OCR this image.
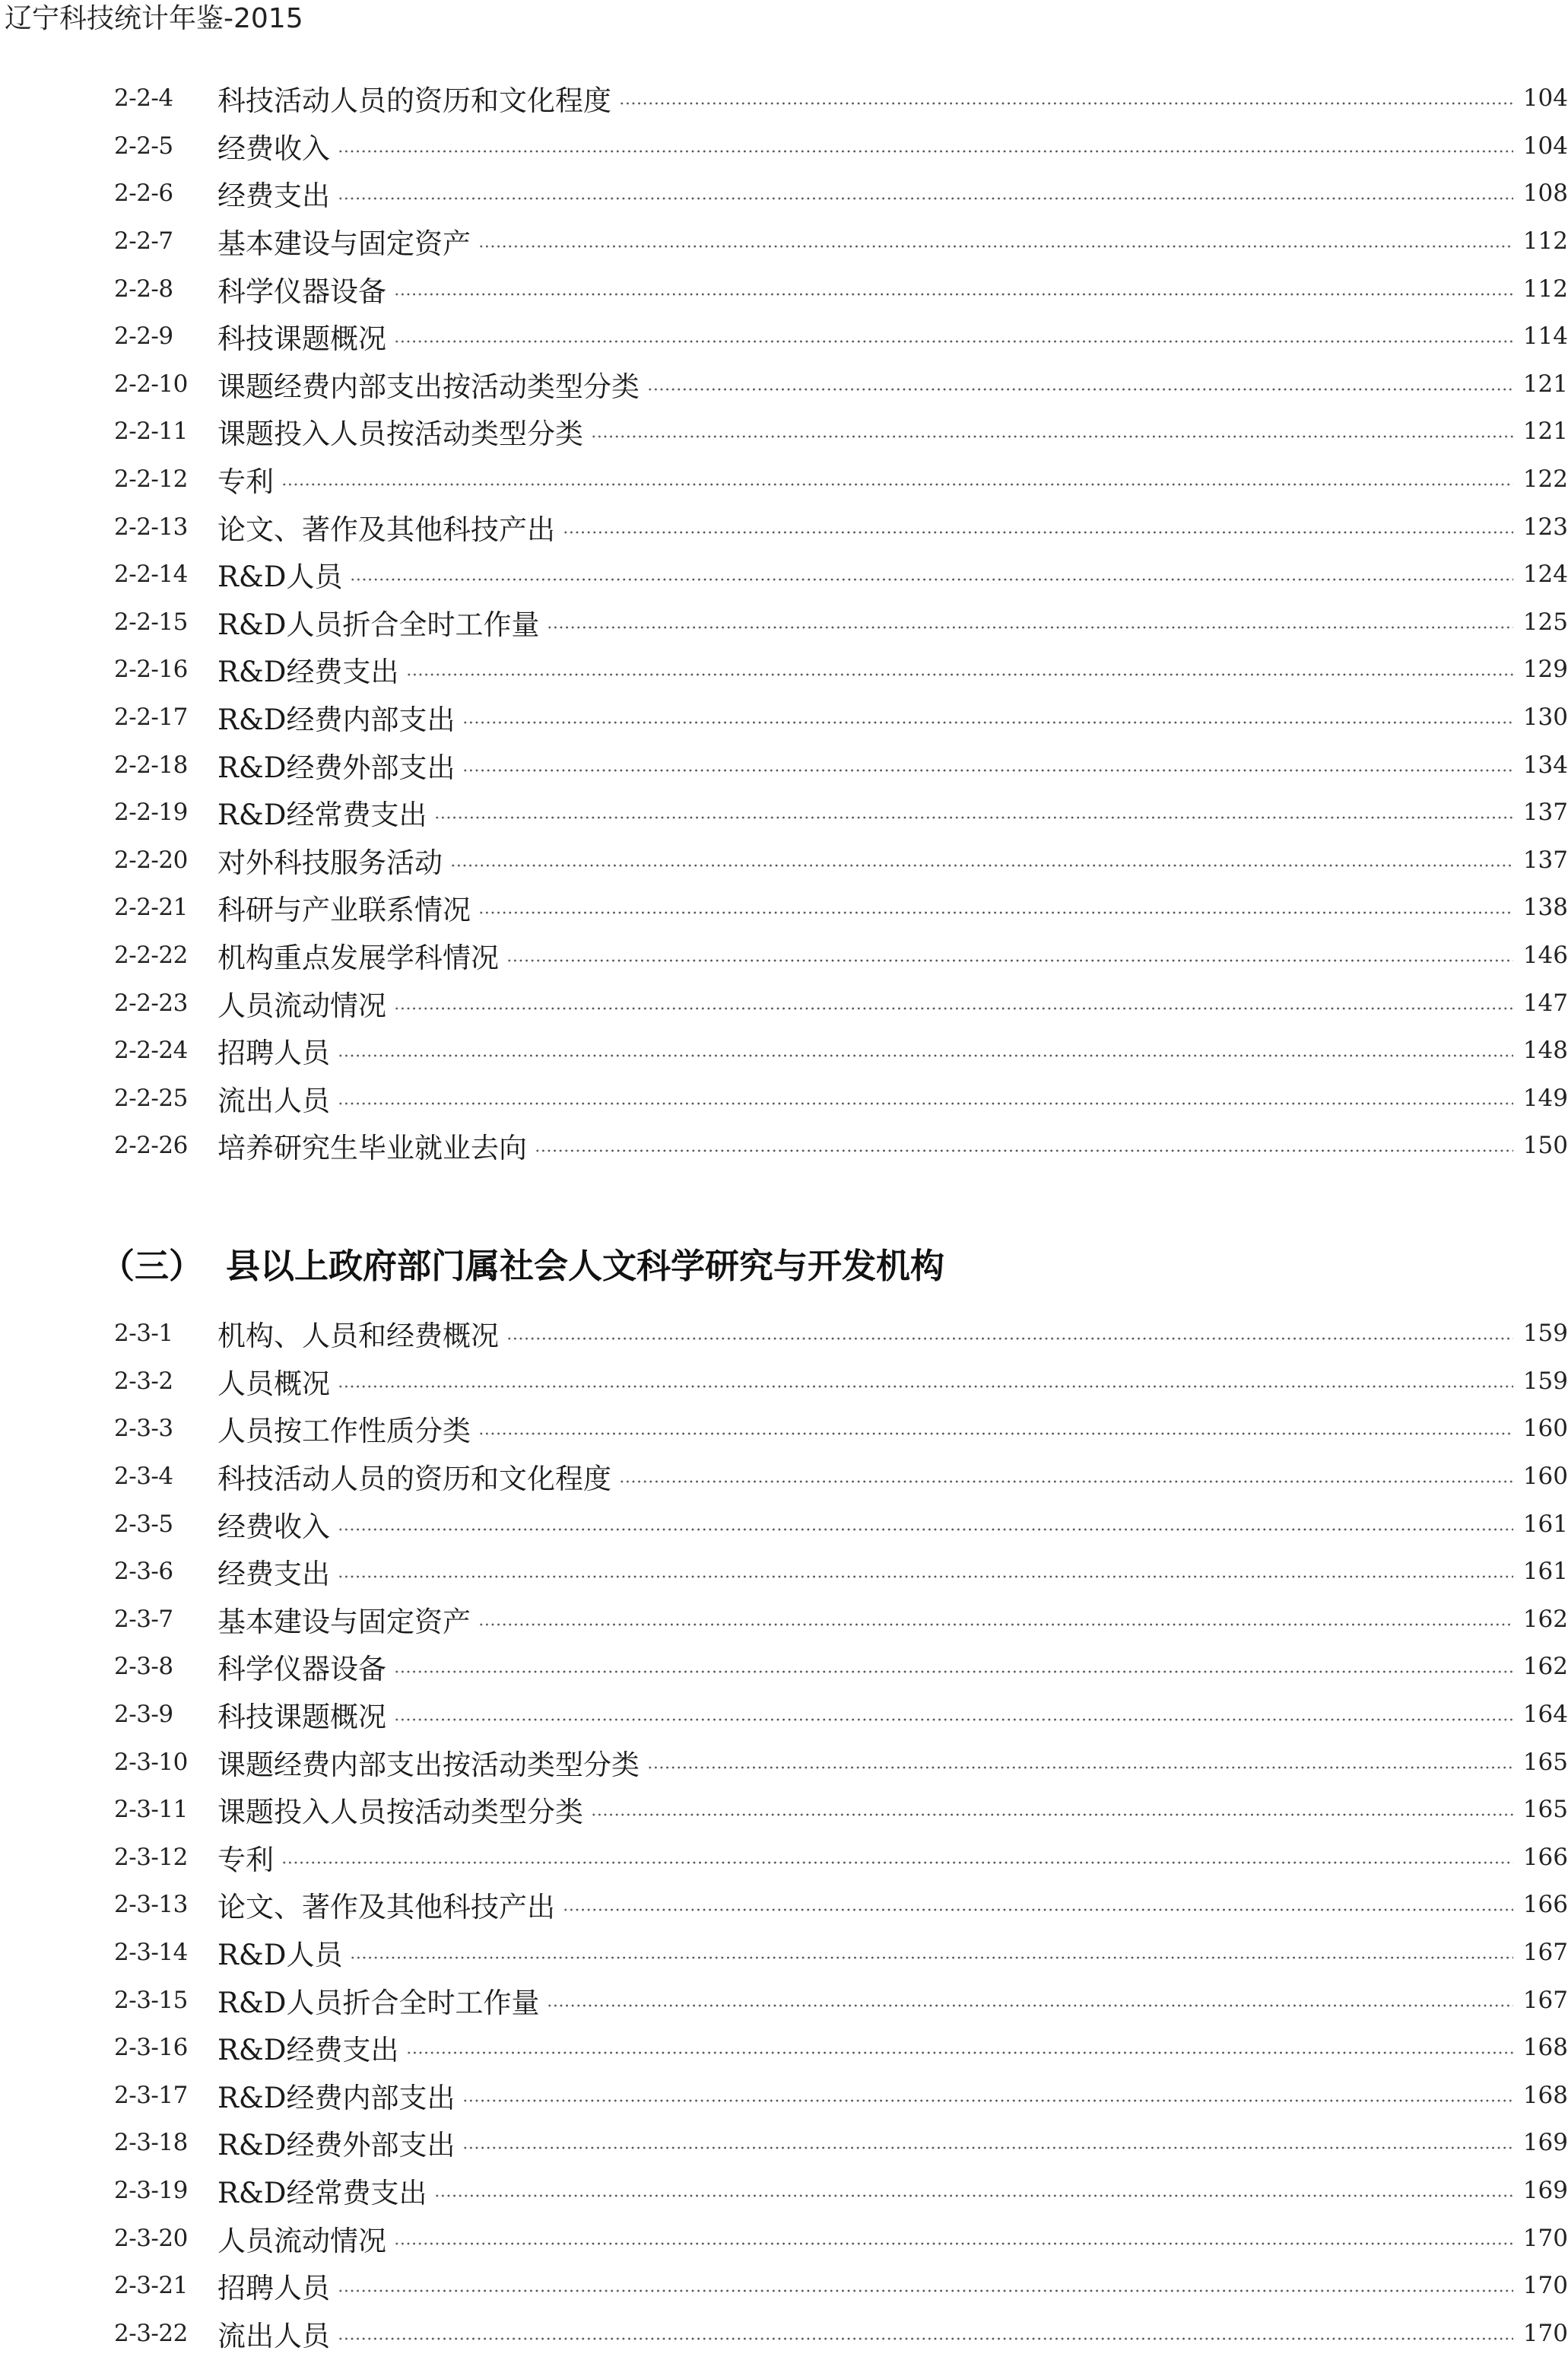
辽宁科技统计年鉴-2015
2-2-4	科技活动人员的资历和文化程度	104
2-2-5	经费收入	104
2-2-6	经费支出	108
2-2-7	基本建设与固定资产	112
2-2-8	科学仪器设备	112
2-2-9	科技课题概况	114
2-2-10	课题经费内部支出按活动类型分类	121
2-2-11	课题投入人员按活动类型分类	121
2-2-12	专利	122
2-2-13	论文、著作及其他科技产出	123
2-2-14	R&D人员	124
2-2-15	R&D人员折合全时工作量	125
2-2-16	R&D经费支出	129
2-2-17	R&D经费内部支出	130
2-2-18	R&D经费外部支出	134
2-2-19	R&D经常费支出	137
2-2-20	对外科技服务活动	137
2-2-21	科研与产业联系情况	138
2-2-22	机构重点发展学科情况	146
2-2-23	人员流动情况	147
2-2-24	招聘人员	148
2-2-25	流出人员	149
2-2-26	培养研究生毕业就业去向	150
（三） 县以上政府部门属社会人文科学研究与开发机构
2-3-1	机构、人员和经费概况	159
2-3-2	人员概况	159
2-3-3	人员按工作性质分类	160
2-3-4	科技活动人员的资历和文化程度	160
2-3-5	经费收入	161
2-3-6	经费支出	161
2-3-7	基本建设与固定资产	162
2-3-8	科学仪器设备	162
2-3-9	科技课题概况	164
2-3-10	课题经费内部支出按活动类型分类	165
2-3-11	课题投入人员按活动类型分类	165
2-3-12	专利	166
2-3-13	论文、著作及其他科技产出	166
2-3-14	R&D人员	167
2-3-15	R&D人员折合全时工作量	167
2-3-16	R&D经费支出	168
2-3-17	R&D经费内部支出	168
2-3-18	R&D经费外部支出	169
2-3-19	R&D经常费支出	169
2-3-20	人员流动情况	170
2-3-21	招聘人员	170
2-3-22	流出人员	170
